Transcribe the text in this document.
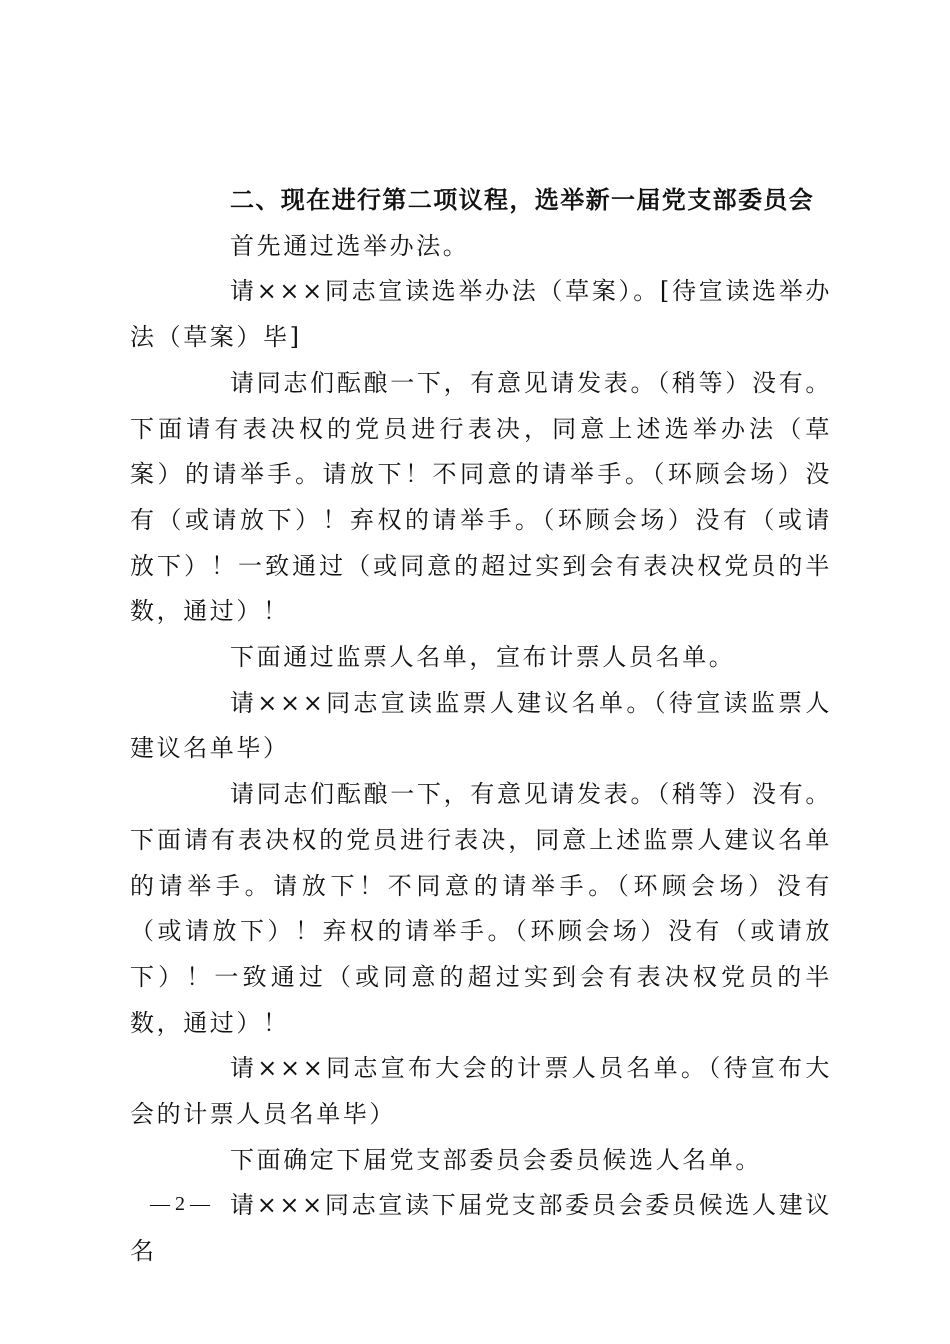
二、现在进行第二项议程，选举新一届党支部委员会

首先通过选举办法。

请×××同志宣读选举办法（草案）。[待宣读选举办法（草案）毕]

请同志们酝酿一下，有意见请发表。（稍等）没有。下面请有表决权的党员进行表决，同意上述选举办法（草案）的请举手。请放下！不同意的请举手。（环顾会场）没有（或请放下）！弃权的请举手。（环顾会场）没有（或请放下）！一致通过（或同意的超过实到会有表决权党员的半数，通过）！

下面通过监票人名单，宣布计票人员名单。

请×××同志宣读监票人建议名单。（待宣读监票人建议名单毕）

请同志们酝酿一下，有意见请发表。（稍等）没有。下面请有表决权的党员进行表决，同意上述监票人建议名单的请举手。请放下！不同意的请举手。（环顾会场）没有（或请放下）！弃权的请举手。（环顾会场）没有（或请放下）！一致通过（或同意的超过实到会有表决权党员的半数，通过）！

请×××同志宣布大会的计票人员名单。（待宣布大会的计票人员名单毕）

下面确定下届党支部委员会委员候选人名单。

请×××同志宣读下届党支部委员会委员候选人建议名

— 2 —
